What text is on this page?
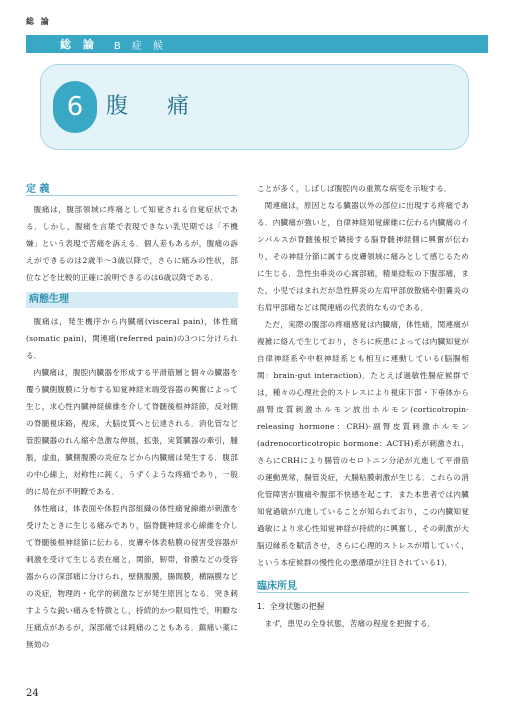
総 論
総 論 B 症 候
6	腹 痛
定 義

腹痛は，腹部領域に疼痛として知覚される自覚症状である．しかし，腹痛を言葉で表現できない乳児期では「不機嫌」という表現で苦痛を訴える．個人差もあるが，腹痛の訴えができるのは2歳半〜3歳以降で，さらに痛みの性状，部位などを比較的正確に説明できるのは6歳以降である．

病態生理

腹痛は，発生機序から内臓痛(visceral pain)，体性痛(somatic pain)，関連痛(referred pain)の3つに分けられる．

内臓痛は，腹腔内臓器を形成する平滑筋層と個々の臓器を覆う臓側腹膜に分布する知覚神経末端受容器の興奮によって生じ，求心性内臓神経線維を介して脊髄後根神経節，反対側の脊髄視床路，視床，大脳皮質へと伝達される．消化管など管腔臓器のれん縮や急激な伸展，拡張，実質臓器の牽引，腫脹，虚血，臓側腹膜の炎症などから内臓痛は発生する．腹部の中心線上，対称性に鈍く，うずくような疼痛であり，一般的に局在が不明瞭である．

体性痛は，体表面や体腔内部組織の体性痛覚線維が刺激を受けたときに生じる痛みであり，脳脊髄神経求心線維を介して脊髄後根神経節に伝わる．皮膚や体表粘膜の侵害受容器が刺激を受けて生じる表在痛と，関節，靭帯，骨膜などの受容器からの深部痛に分けられ，壁側腹膜，腸間膜，横隔膜などの炎症，物理的・化学的刺激などが発生原因となる．突き刺すような鋭い痛みを特徴とし，持続的かつ限局性で，明瞭な圧痛点があるが，深部痛では鈍痛のこともある．鎮痛い薬に無効の

ことが多く，しばしば腹腔内の重篤な病変を示唆する．

関連痛は，原因となる臓器以外の部位に出現する疼痛である．内臓痛が強いと，自律神経知覚線維に伝わる内臓痛のインパルスが脊髄後根で隣接する脳脊髄神経側に興奮が伝わり，その神経分節に属する皮膚領域に痛みとして感じるために生じる．急性虫垂炎の心窩部痛，精巣捻転の下腹部痛，また，小児ではまれだが急性膵炎の左肩甲部放散痛や胆嚢炎の右肩甲部痛などは関連痛の代表的なものである．

ただ，実際の腹部の疼痛感覚は内臓痛，体性痛，関連痛が複雑に絡んで生じており，さらに疾患によっては内臓知覚が自律神経系や中枢神経系とも相互に連動している(脳腸相関：brain-gut interaction)．たとえば過敏性腸症候群では，種々の心理社会的ストレスにより視床下部・下垂体から副腎皮質刺激ホルモン放出ホルモン(corticotropin-releasing hormone：CRH)-副腎皮質刺激ホルモン(adrenocorticotropic hormone：ACTH)系が刺激され，さらにCRHにより腸管のセロトニン分泌が亢進して平滑筋の運動異常，腸管炎症，大腸粘膜刺激が生じる．これらの消化管障害が腹痛や腹部不快感を起こす．また本患者では内臓知覚過敏が亢進していることが知られており，この内臓知覚過敏により求心性知覚神経が持続的に興奮し，その刺激が大脳辺縁系を賦活させ，さらに心理的ストレスが増していく，という本症候群の慢性化の悪循環が注目されている1)．

臨床所見
1．全身状態の把握

まず，患児の全身状態，苦痛の程度を把握する．

24
